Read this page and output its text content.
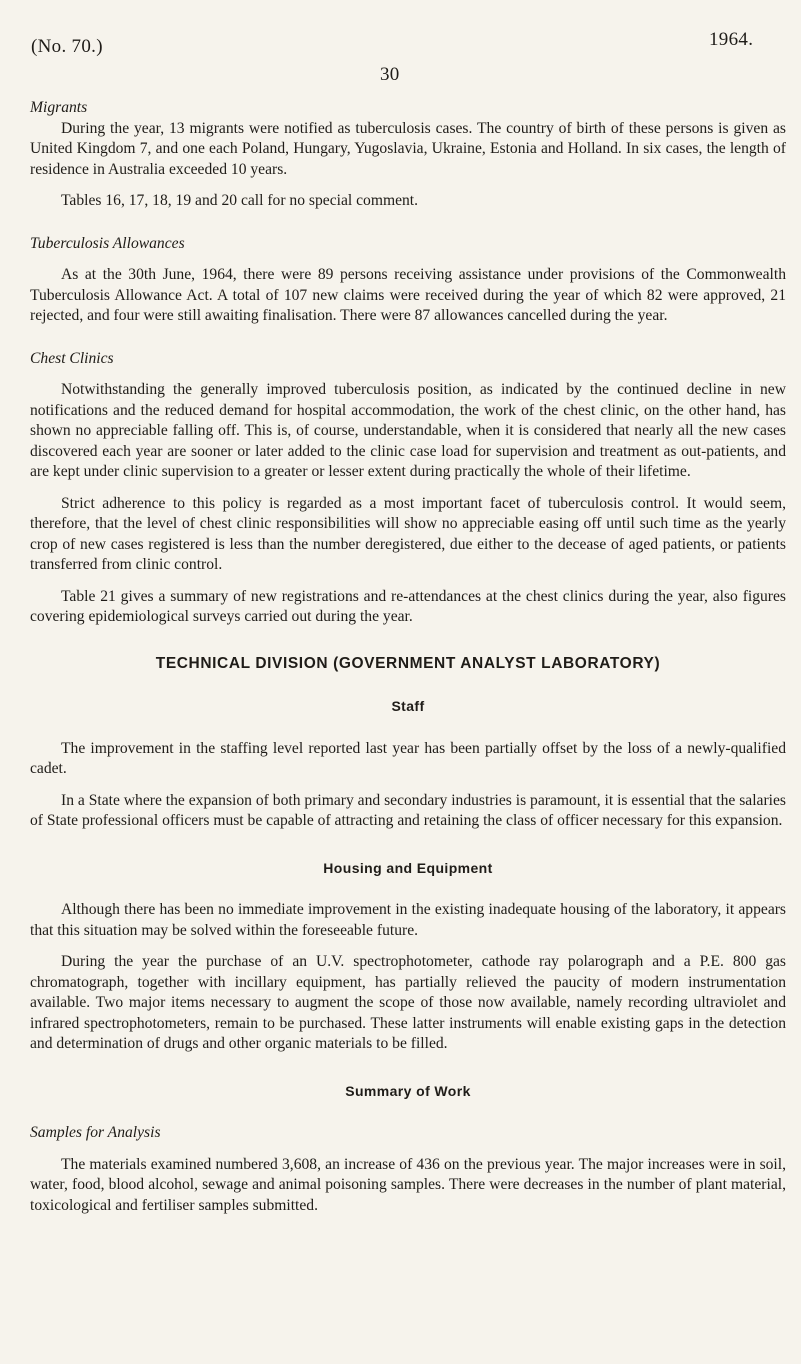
(No. 70.)
30
1964.
Migrants

During the year, 13 migrants were notified as tuberculosis cases. The country of birth of these persons is given as United Kingdom 7, and one each Poland, Hungary, Yugoslavia, Ukraine, Estonia and Holland. In six cases, the length of residence in Australia exceeded 10 years.

Tables 16, 17, 18, 19 and 20 call for no special comment.

Tuberculosis Allowances

As at the 30th June, 1964, there were 89 persons receiving assistance under provisions of the Commonwealth Tuberculosis Allowance Act. A total of 107 new claims were received during the year of which 82 were approved, 21 rejected, and four were still awaiting finalisation. There were 87 allowances cancelled during the year.

Chest Clinics

Notwithstanding the generally improved tuberculosis position, as indicated by the continued decline in new notifications and the reduced demand for hospital accommodation, the work of the chest clinic, on the other hand, has shown no appreciable falling off. This is, of course, understandable, when it is considered that nearly all the new cases discovered each year are sooner or later added to the clinic case load for supervision and treatment as out-patients, and are kept under clinic supervision to a greater or lesser extent during practically the whole of their lifetime.

Strict adherence to this policy is regarded as a most important facet of tuberculosis control. It would seem, therefore, that the level of chest clinic responsibilities will show no appreciable easing off until such time as the yearly crop of new cases registered is less than the number deregistered, due either to the decease of aged patients, or patients transferred from clinic control.

Table 21 gives a summary of new registrations and re-attendances at the chest clinics during the year, also figures covering epidemiological surveys carried out during the year.

TECHNICAL DIVISION (GOVERNMENT ANALYST LABORATORY)
Staff

The improvement in the staffing level reported last year has been partially offset by the loss of a newly-qualified cadet.

In a State where the expansion of both primary and secondary industries is paramount, it is essential that the salaries of State professional officers must be capable of attracting and retaining the class of officer necessary for this expansion.

Housing and Equipment

Although there has been no immediate improvement in the existing inadequate housing of the laboratory, it appears that this situation may be solved within the foreseeable future.

During the year the purchase of an U.V. spectrophotometer, cathode ray polarograph and a P.E. 800 gas chromatograph, together with incillary equipment, has partially relieved the paucity of modern instrumentation available. Two major items necessary to augment the scope of those now available, namely recording ultraviolet and infrared spectrophotometers, remain to be purchased. These latter instruments will enable existing gaps in the detection and determination of drugs and other organic materials to be filled.

Summary of Work
Samples for Analysis

The materials examined numbered 3,608, an increase of 436 on the previous year. The major increases were in soil, water, food, blood alcohol, sewage and animal poisoning samples. There were decreases in the number of plant material, toxicological and fertiliser samples submitted.
